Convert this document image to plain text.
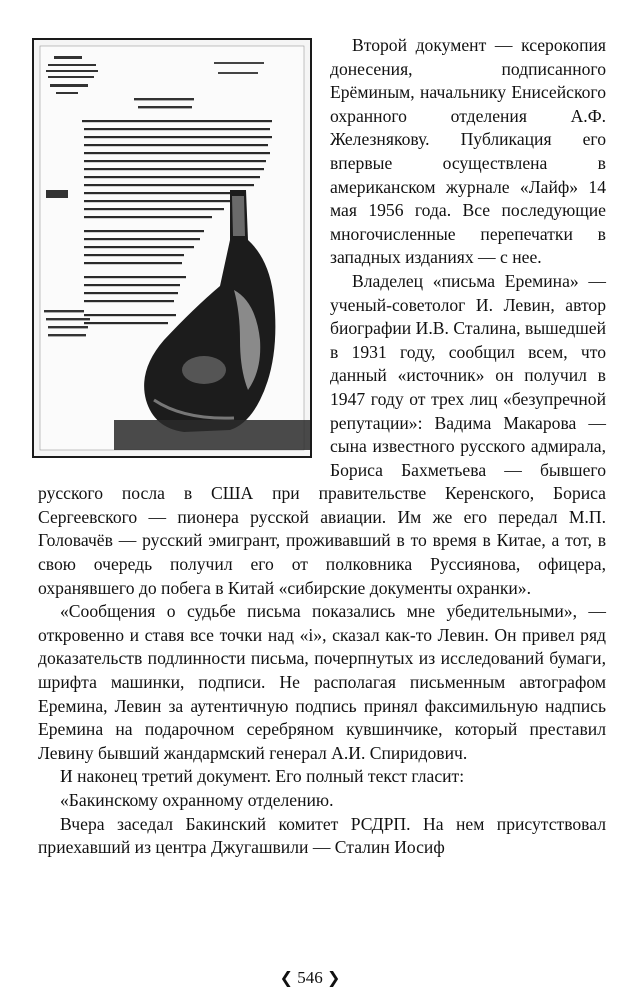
Второй документ — ксерокопия донесения, подписанного Ерёминым, начальнику Енисейского охранного отделения А.Ф. Железнякову. Публикация его впервые осуществлена в американском журнале «Лайф» 14 мая 1956 года. Все последующие многочисленные перепечатки в западных изданиях — с нее.

Владелец «письма Еремина» — ученый-советолог И. Левин, автор биографии И.В. Сталина, вышедшей в 1931 году, сообщил всем, что данный «источник» он получил в 1947 году от трех лиц «безупречной репутации»: Вадима Макарова — сына известного русского адмирала, Бориса Бахметьева — бывшего русского посла в США при правительстве Керенского, Бориса Сергеевского — пионера русской авиации. Им же его передал М.П. Головачёв — русский эмигрант, проживавший в то время в Китае, а тот, в свою очередь получил его от полковника Руссиянова, офицера, охранявшего до побега в Китай «сибирские документы охранки».

«Сообщения о судьбе письма показались мне убедительными», — откровенно и ставя все точки над «i», сказал как-то Левин. Он привел ряд доказательств подлинности письма, почерпнутых из исследований бумаги, шрифта машинки, подписи. Не располагая письменным автографом Еремина, Левин за аутентичную подпись принял факсимильную надпись Еремина на подарочном серебряном кувшинчике, который преставил Левину бывший жандармский генерал А.И. Спиридович.

И наконец третий документ. Его полный текст гласит:

«Бакинскому охранному отделению.

Вчера заседал Бакинский комитет РСДРП. На нем присутствовал приехавший из центра Джугашвили — Сталин Иосиф

❮ 546 ❯
